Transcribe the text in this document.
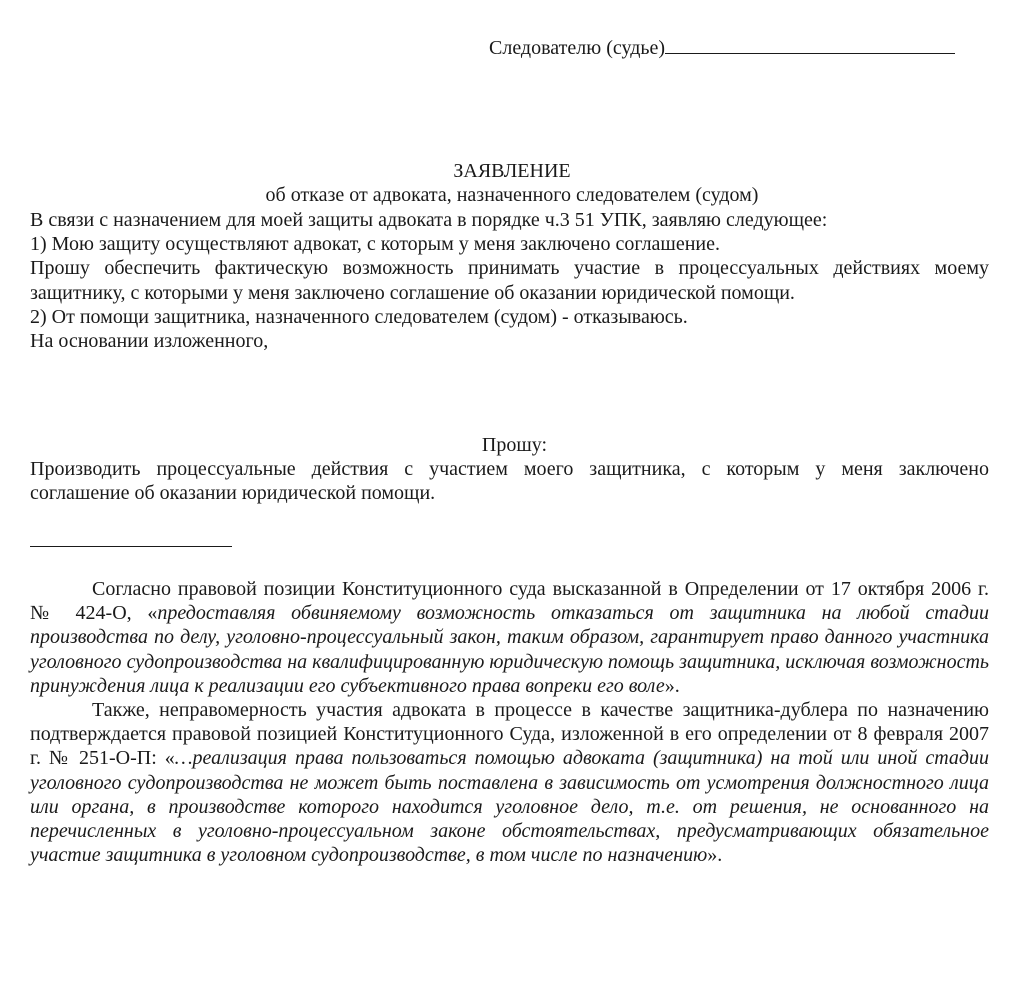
Следователю (судье)
ЗАЯВЛЕНИЕ
об отказе от адвоката, назначенного следователем (судом)
В связи с назначением для моей защиты адвоката в порядке ч.3 51 УПК, заявляю следующее:
1) Мою защиту осуществляют адвокат, с которым у меня заключено соглашение.
Прошу обеспечить фактическую возможность принимать участие в процессуальных действиях моему
защитнику, с которыми у меня заключено соглашение об оказании юридической помощи.
2) От помощи защитника, назначенного следователем (судом) - отказываюсь.
На основании изложенного,
Прошу:
Производить процессуальные действия с участием моего защитника, с которым у меня заключено
соглашение об оказании юридической помощи.

Согласно правовой позиции Конституционного суда высказанной в Определении от 17 октября 2006 г. № 424-О, «предоставляя обвиняемому возможность отказаться от защитника на любой стадии производства по делу, уголовно-процессуальный закон, таким образом, гарантирует право данного участника уголовного судопроизводства на квалифицированную юридическую помощь защитника, исключая возможность принуждения лица к реализации его субъективного права вопреки его воле».

Также, неправомерность участия адвоката в процессе в качестве защитника-дублера по назначению подтверждается правовой позицией Конституционного Суда, изложенной в его определении от 8 февраля 2007 г. № 251-О-П: «…реализация права пользоваться помощью адвоката (защитника) на той или иной стадии уголовного судопроизводства не может быть поставлена в зависимость от усмотрения должностного лица или органа, в производстве которого находится уголовное дело, т.е. от решения, не основанного на перечисленных в уголовно-процессуальном законе обстоятельствах, предусматривающих обязательное участие защитника в уголовном судопроизводстве, в том числе по назначению».
